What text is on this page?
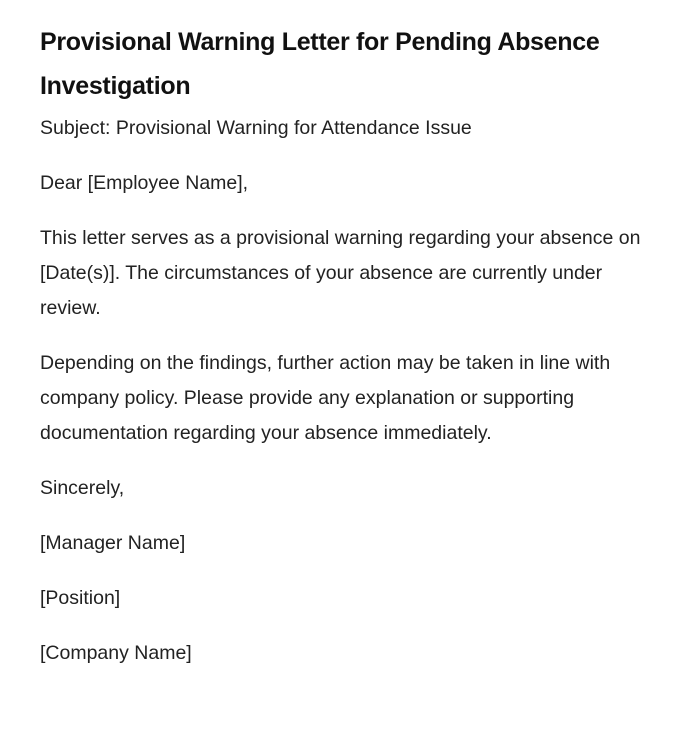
Provisional Warning Letter for Pending Absence Investigation

Subject: Provisional Warning for Attendance Issue

Dear [Employee Name],

This letter serves as a provisional warning regarding your absence on [Date(s)]. The circumstances of your absence are currently under review.

Depending on the findings, further action may be taken in line with company policy. Please provide any explanation or supporting documentation regarding your absence immediately.

Sincerely,

[Manager Name]

[Position]

[Company Name]
